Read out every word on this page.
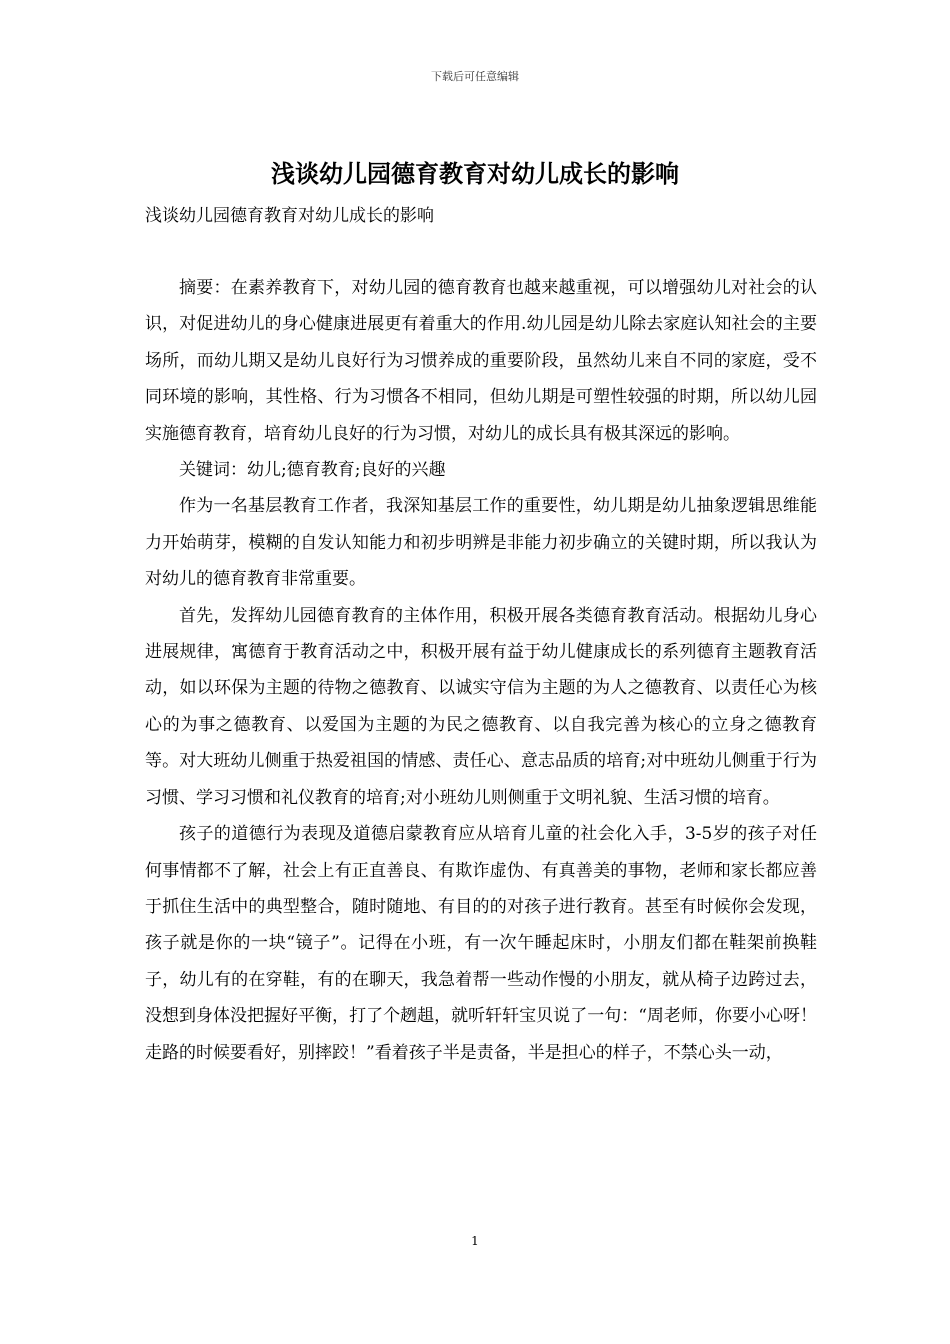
下载后可任意编辑
浅谈幼儿园德育教育对幼儿成长的影响

浅谈幼儿园德育教育对幼儿成长的影响

摘要：在素养教育下，对幼儿园的德育教育也越来越重视，可以增强幼儿对社会的认识，对促进幼儿的身心健康进展更有着重大的作用.幼儿园是幼儿除去家庭认知社会的主要场所，而幼儿期又是幼儿良好行为习惯养成的重要阶段，虽然幼儿来自不同的家庭，受不同环境的影响，其性格、行为习惯各不相同，但幼儿期是可塑性较强的时期，所以幼儿园实施德育教育，培育幼儿良好的行为习惯，对幼儿的成长具有极其深远的影响。

关键词：幼儿;德育教育;良好的兴趣

作为一名基层教育工作者，我深知基层工作的重要性，幼儿期是幼儿抽象逻辑思维能力开始萌芽，模糊的自发认知能力和初步明辨是非能力初步确立的关键时期，所以我认为对幼儿的德育教育非常重要。

首先，发挥幼儿园德育教育的主体作用，积极开展各类德育教育活动。根据幼儿身心进展规律，寓德育于教育活动之中，积极开展有益于幼儿健康成长的系列德育主题教育活动，如以环保为主题的待物之德教育、以诚实守信为主题的为人之德教育、以责任心为核心的为事之德教育、以爱国为主题的为民之德教育、以自我完善为核心的立身之德教育等。对大班幼儿侧重于热爱祖国的情感、责任心、意志品质的培育;对中班幼儿侧重于行为习惯、学习习惯和礼仪教育的培育;对小班幼儿则侧重于文明礼貌、生活习惯的培育。

孩子的道德行为表现及道德启蒙教育应从培育儿童的社会化入手，3-5岁的孩子对任何事情都不了解，社会上有正直善良、有欺诈虚伪、有真善美的事物，老师和家长都应善于抓住生活中的典型整合，随时随地、有目的的对孩子进行教育。甚至有时候你会发现，孩子就是你的一块“镜子”。记得在小班，有一次午睡起床时，小朋友们都在鞋架前换鞋子，幼儿有的在穿鞋，有的在聊天，我急着帮一些动作慢的小朋友，就从椅子边跨过去，没想到身体没把握好平衡，打了个趔趄，就听轩轩宝贝说了一句：“周老师，你要小心呀！走路的时候要看好，别摔跤！”看着孩子半是责备，半是担心的样子，不禁心头一动，

1
